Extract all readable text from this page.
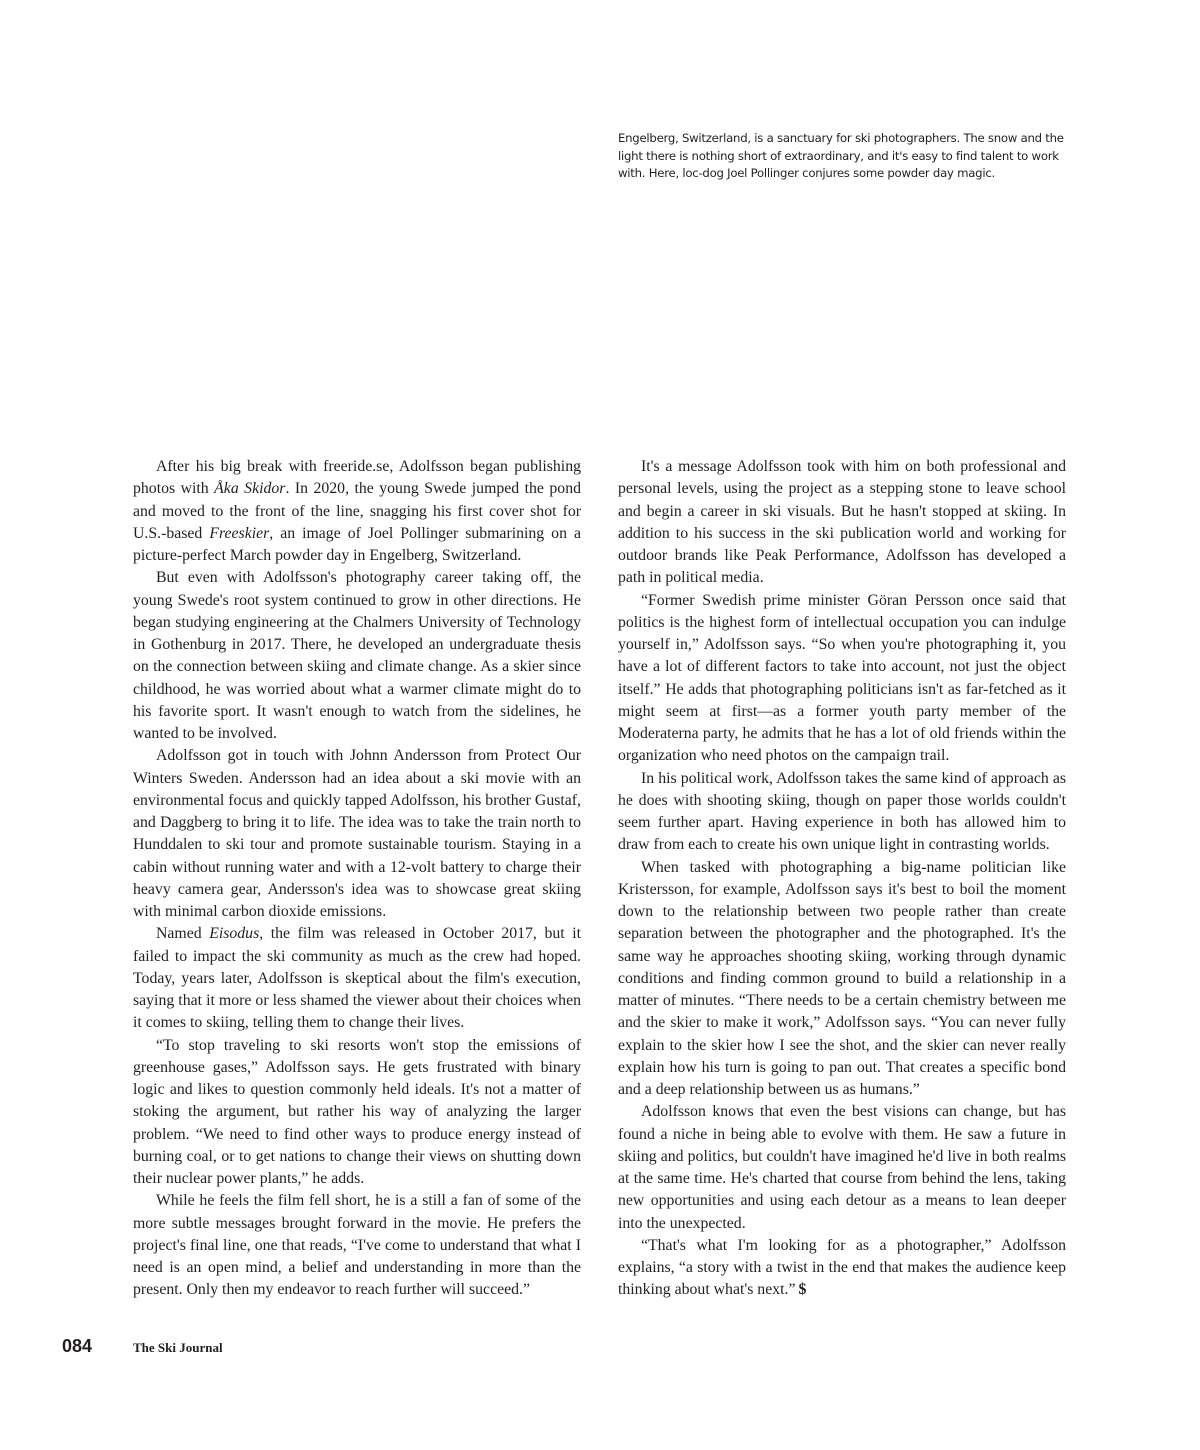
Engelberg, Switzerland, is a sanctuary for ski photographers. The snow and the light there is nothing short of extraordinary, and it's easy to find talent to work with. Here, loc-dog Joel Pollinger conjures some powder day magic.

After his big break with freeride.se, Adolfsson began publishing photos with Åka Skidor. In 2020, the young Swede jumped the pond and moved to the front of the line, snagging his first cover shot for U.S.-based Freeskier, an image of Joel Pollinger submarining on a picture-perfect March powder day in Engelberg, Switzerland.

But even with Adolfsson's photography career taking off, the young Swede's root system continued to grow in other directions. He began studying engineering at the Chalmers University of Technology in Gothenburg in 2017. There, he developed an undergraduate thesis on the connection between skiing and climate change. As a skier since childhood, he was worried about what a warmer climate might do to his favorite sport. It wasn't enough to watch from the sidelines, he wanted to be involved.

Adolfsson got in touch with Johnn Andersson from Protect Our Winters Sweden. Andersson had an idea about a ski movie with an environmental focus and quickly tapped Adolfsson, his brother Gustaf, and Daggberg to bring it to life. The idea was to take the train north to Hunddalen to ski tour and promote sustainable tourism. Staying in a cabin without running water and with a 12-volt battery to charge their heavy camera gear, Andersson's idea was to showcase great skiing with minimal carbon dioxide emissions.

Named Eisodus, the film was released in October 2017, but it failed to impact the ski community as much as the crew had hoped. Today, years later, Adolfsson is skeptical about the film's execution, saying that it more or less shamed the viewer about their choices when it comes to skiing, telling them to change their lives.

“To stop traveling to ski resorts won't stop the emissions of greenhouse gases,” Adolfsson says. He gets frustrated with binary logic and likes to question commonly held ideals. It's not a matter of stoking the argument, but rather his way of analyzing the larger problem. “We need to find other ways to produce energy instead of burning coal, or to get nations to change their views on shutting down their nuclear power plants,” he adds.

While he feels the film fell short, he is a still a fan of some of the more subtle messages brought forward in the movie. He prefers the project's final line, one that reads, “I've come to understand that what I need is an open mind, a belief and understanding in more than the present. Only then my endeavor to reach further will succeed.”

It's a message Adolfsson took with him on both professional and personal levels, using the project as a stepping stone to leave school and begin a career in ski visuals. But he hasn't stopped at skiing. In addition to his success in the ski publication world and working for outdoor brands like Peak Performance, Adolfsson has developed a path in political media.

“Former Swedish prime minister Göran Persson once said that politics is the highest form of intellectual occupation you can indulge yourself in,” Adolfsson says. “So when you're photographing it, you have a lot of different factors to take into account, not just the object itself.” He adds that photographing politicians isn't as far-fetched as it might seem at first—as a former youth party member of the Moderaterna party, he admits that he has a lot of old friends within the organization who need photos on the campaign trail.

In his political work, Adolfsson takes the same kind of approach as he does with shooting skiing, though on paper those worlds couldn't seem further apart. Having experience in both has allowed him to draw from each to create his own unique light in contrasting worlds.

When tasked with photographing a big-name politician like Kristersson, for example, Adolfsson says it's best to boil the moment down to the relationship between two people rather than create separation between the photographer and the photographed. It's the same way he approaches shooting skiing, working through dynamic conditions and finding common ground to build a relationship in a matter of minutes. “There needs to be a certain chemistry between me and the skier to make it work,” Adolfsson says. “You can never fully explain to the skier how I see the shot, and the skier can never really explain how his turn is going to pan out. That creates a specific bond and a deep relationship between us as humans.”

Adolfsson knows that even the best visions can change, but has found a niche in being able to evolve with them. He saw a future in skiing and politics, but couldn't have imagined he'd live in both realms at the same time. He's charted that course from behind the lens, taking new opportunities and using each detour as a means to lean deeper into the unexpected.

“That's what I'm looking for as a photographer,” Adolfsson explains, “a story with a twist in the end that makes the audience keep thinking about what's next.” $

084	The Ski Journal
